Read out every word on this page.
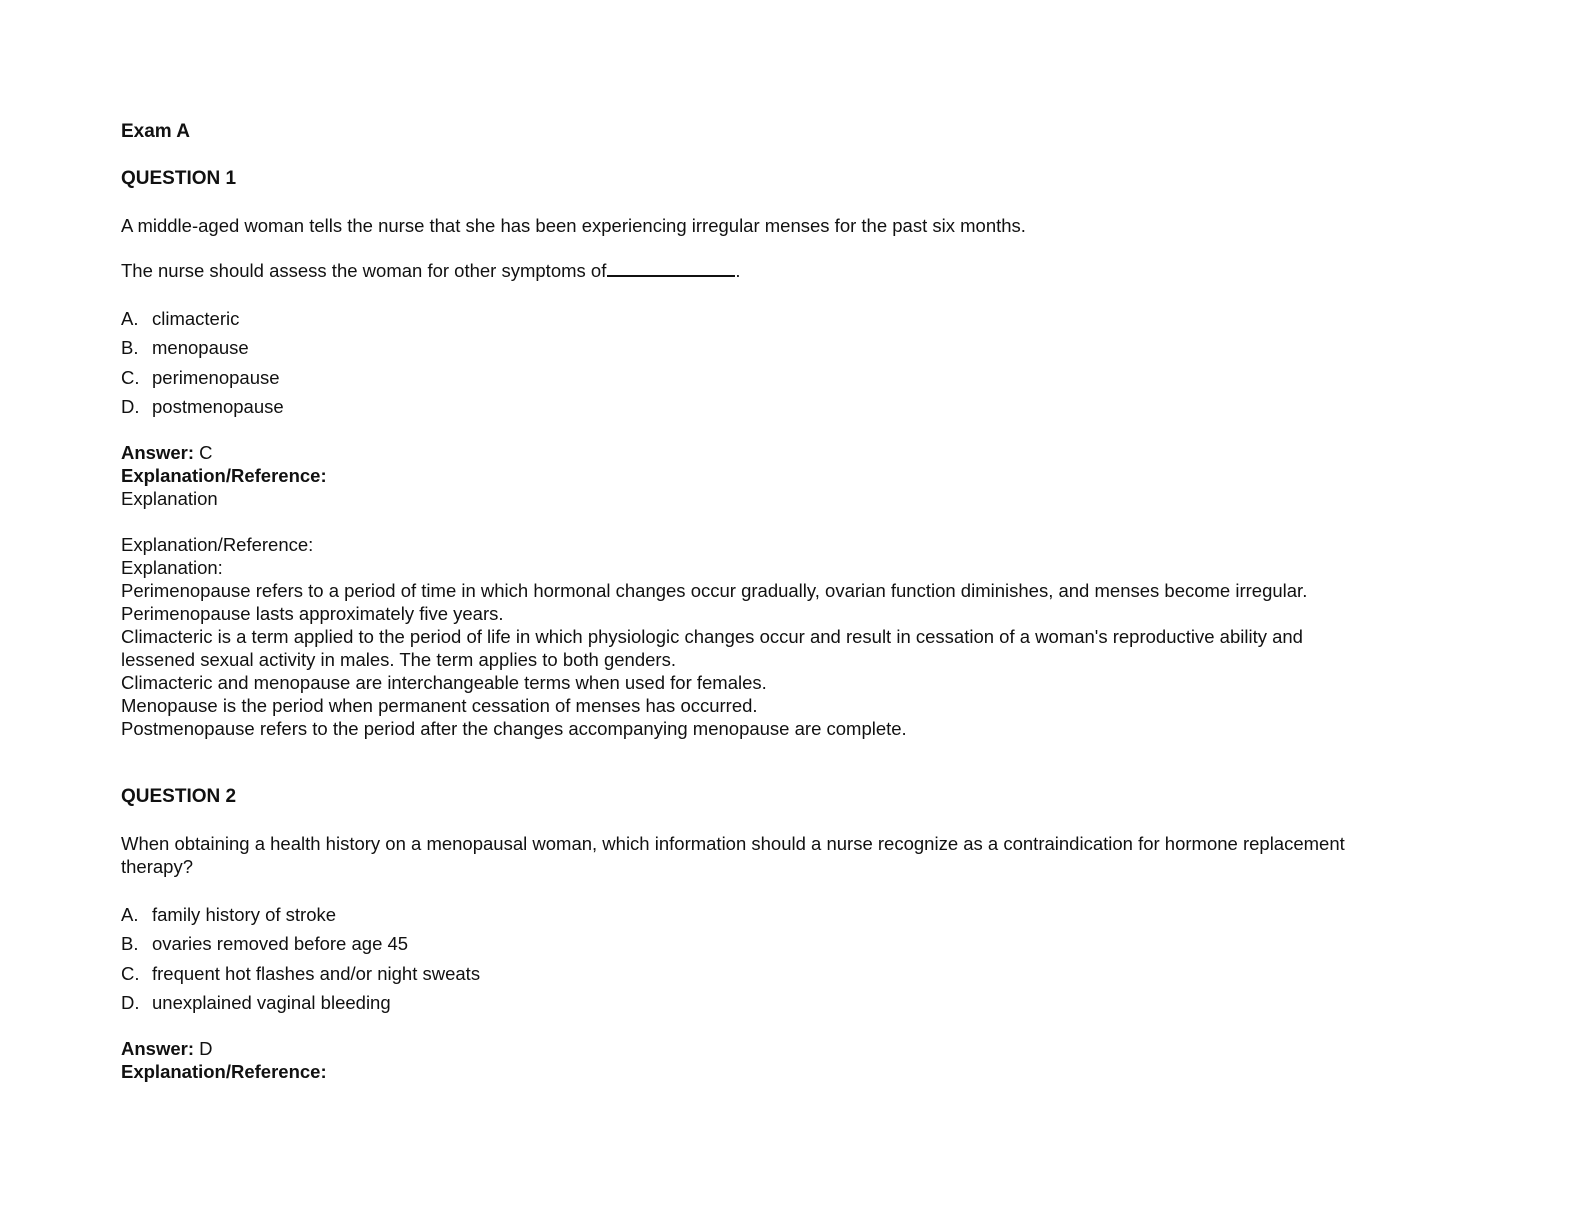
Exam A

QUESTION 1

A middle-aged woman tells the nurse that she has been experiencing irregular menses for the past six months.

The nurse should assess the woman for other symptoms of	.

A. climacteric
B. menopause
C. perimenopause
D. postmenopause

Answer: C

Explanation/Reference:

Explanation

Explanation/Reference:

Explanation:

Perimenopause refers to a period of time in which hormonal changes occur gradually, ovarian function diminishes, and menses become irregular.

Perimenopause lasts approximately five years.

Climacteric is a term applied to the period of life in which physiologic changes occur and result in cessation of a woman's reproductive ability and

lessened sexual activity in males. The term applies to both genders.

Climacteric and menopause are interchangeable terms when used for females.

Menopause is the period when permanent cessation of menses has occurred.

Postmenopause refers to the period after the changes accompanying menopause are complete.

QUESTION 2

When obtaining a health history on a menopausal woman, which information should a nurse recognize as a contraindication for hormone replacement

therapy?

A. family history of stroke
B. ovaries removed before age 45
C. frequent hot flashes and/or night sweats
D. unexplained vaginal bleeding

Answer: D

Explanation/Reference:
